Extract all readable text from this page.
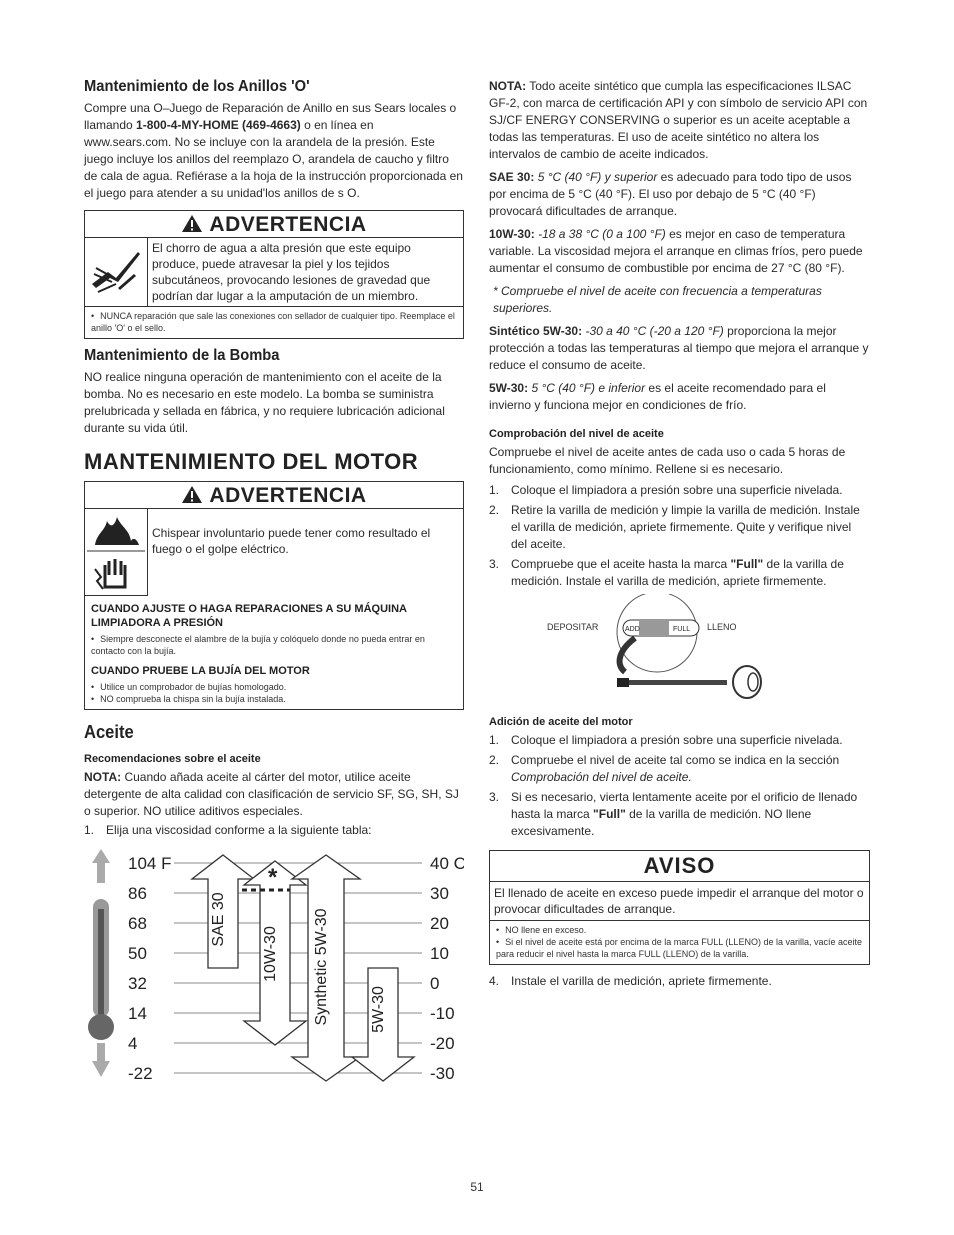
Mantenimiento de los Anillos 'O'

Compre una O–Juego de Reparación de Anillo en sus Sears locales o llamando 1-800-4-MY-HOME (469-4663) o en línea en www.sears.com. No se incluye con la arandela de la presión. Este juego incluye los anillos del reemplazo O, arandela de caucho y filtro de cala de agua. Refiérase a la hoja de la instrucción proporcionada en el juego para atender a su unidad'los anillos de s O.

ADVERTENCIA
El chorro de agua a alta presión que este equipo produce, puede atravesar la piel y los tejidos subcutáneos, provocando lesiones de gravedad que podrían dar lugar a la amputación de un miembro.
• NUNCA reparación que sale las conexiones con sellador de cualquier tipo. Reemplace el anillo 'O' o el sello.
Mantenimiento de la Bomba

NO realice ninguna operación de mantenimiento con el aceite de la bomba. No es necesario en este modelo. La bomba se suministra prelubricada y sellada en fábrica, y no requiere lubricación adicional durante su vida útil.

MANTENIMIENTO DEL MOTOR
ADVERTENCIA
Chispear involuntario puede tener como resultado el fuego o el golpe eléctrico.
CUANDO AJUSTE O HAGA REPARACIONES A SU MÁQUINA LIMPIADORA A PRESIÓN
• Siempre desconecte el alambre de la bujía y colóquelo donde no pueda entrar en contacto con la bujía.
CUANDO PRUEBE LA BUJÍA DEL MOTOR
• Utilice un comprobador de bujías homologado.
• NO comprueba la chispa sin la bujía instalada.
Aceite
Recomendaciones sobre el aceite

NOTA: Cuando añada aceite al cárter del motor, utilice aceite detergente de alta calidad con clasificación de servicio SF, SG, SH, SJ o superior. NO utilice aditivos especiales.

1. Elija una viscosidad conforme a la siguiente tabla:
104 F
86
68
50
32
14
4
-22
40 C
30
20
10
0
-10
-20
-30
SAE 30
10W-30 Synthetic 5W-30	5W-30
*

NOTA: Todo aceite sintético que cumpla las especificaciones ILSAC GF-2, con marca de certificación API y con símbolo de servicio API con SJ/CF ENERGY CONSERVING o superior es un aceite aceptable a todas las temperaturas. El uso de aceite sintético no altera los intervalos de cambio de aceite indicados.

SAE 30: 5 °C (40 °F) y superior es adecuado para todo tipo de usos por encima de 5 °C (40 °F). El uso por debajo de 5 °C (40 °F) provocará dificultades de arranque.

10W-30: -18 a 38 °C (0 a 100 °F) es mejor en caso de temperatura variable. La viscosidad mejora el arranque en climas fríos, pero puede aumentar el consumo de combustible por encima de 27 °C (80 °F).

* Compruebe el nivel de aceite con frecuencia a temperaturas superiores.

Sintético 5W-30: -30 a 40 °C (-20 a 120 °F) proporciona la mejor protección a todas las temperaturas al tiempo que mejora el arranque y reduce el consumo de aceite.

5W-30: 5 °C (40 °F) e inferior es el aceite recomendado para el invierno y funciona mejor en condiciones de frío.

Comprobación del nivel de aceite

Compruebe el nivel de aceite antes de cada uso o cada 5 horas de funcionamiento, como mínimo. Rellene si es necesario.

1. Coloque el limpiadora a presión sobre una superficie nivelada.
2. Retire la varilla de medición y limpie la varilla de medición. Instale el varilla de medición, apriete firmemente. Quite y verifique nivel del aceite.
3. Compruebe que el aceite hasta la marca "Full" de la varilla de medición. Instale el varilla de medición, apriete firmemente.
DEPOSITAR	LLENO
ADD	FULL
Adición de aceite del motor
1. Coloque el limpiadora a presión sobre una superficie nivelada.
2. Compruebe el nivel de aceite tal como se indica en la sección
Comprobación del nivel de aceite.
3. Si es necesario, vierta lentamente aceite por el orificio de llenado hasta la marca "Full" de la varilla de medición. NO llene excesivamente.
AVISO
El llenado de aceite en exceso puede impedir el arranque del motor o provocar dificultades de arranque.
• NO llene en exceso.
• Si el nivel de aceite está por encima de la marca FULL (LLENO) de la varilla, vacíe aceite para reducir el nivel hasta la marca FULL (LLENO) de la varilla.
4. Instale el varilla de medición, apriete firmemente.
51
